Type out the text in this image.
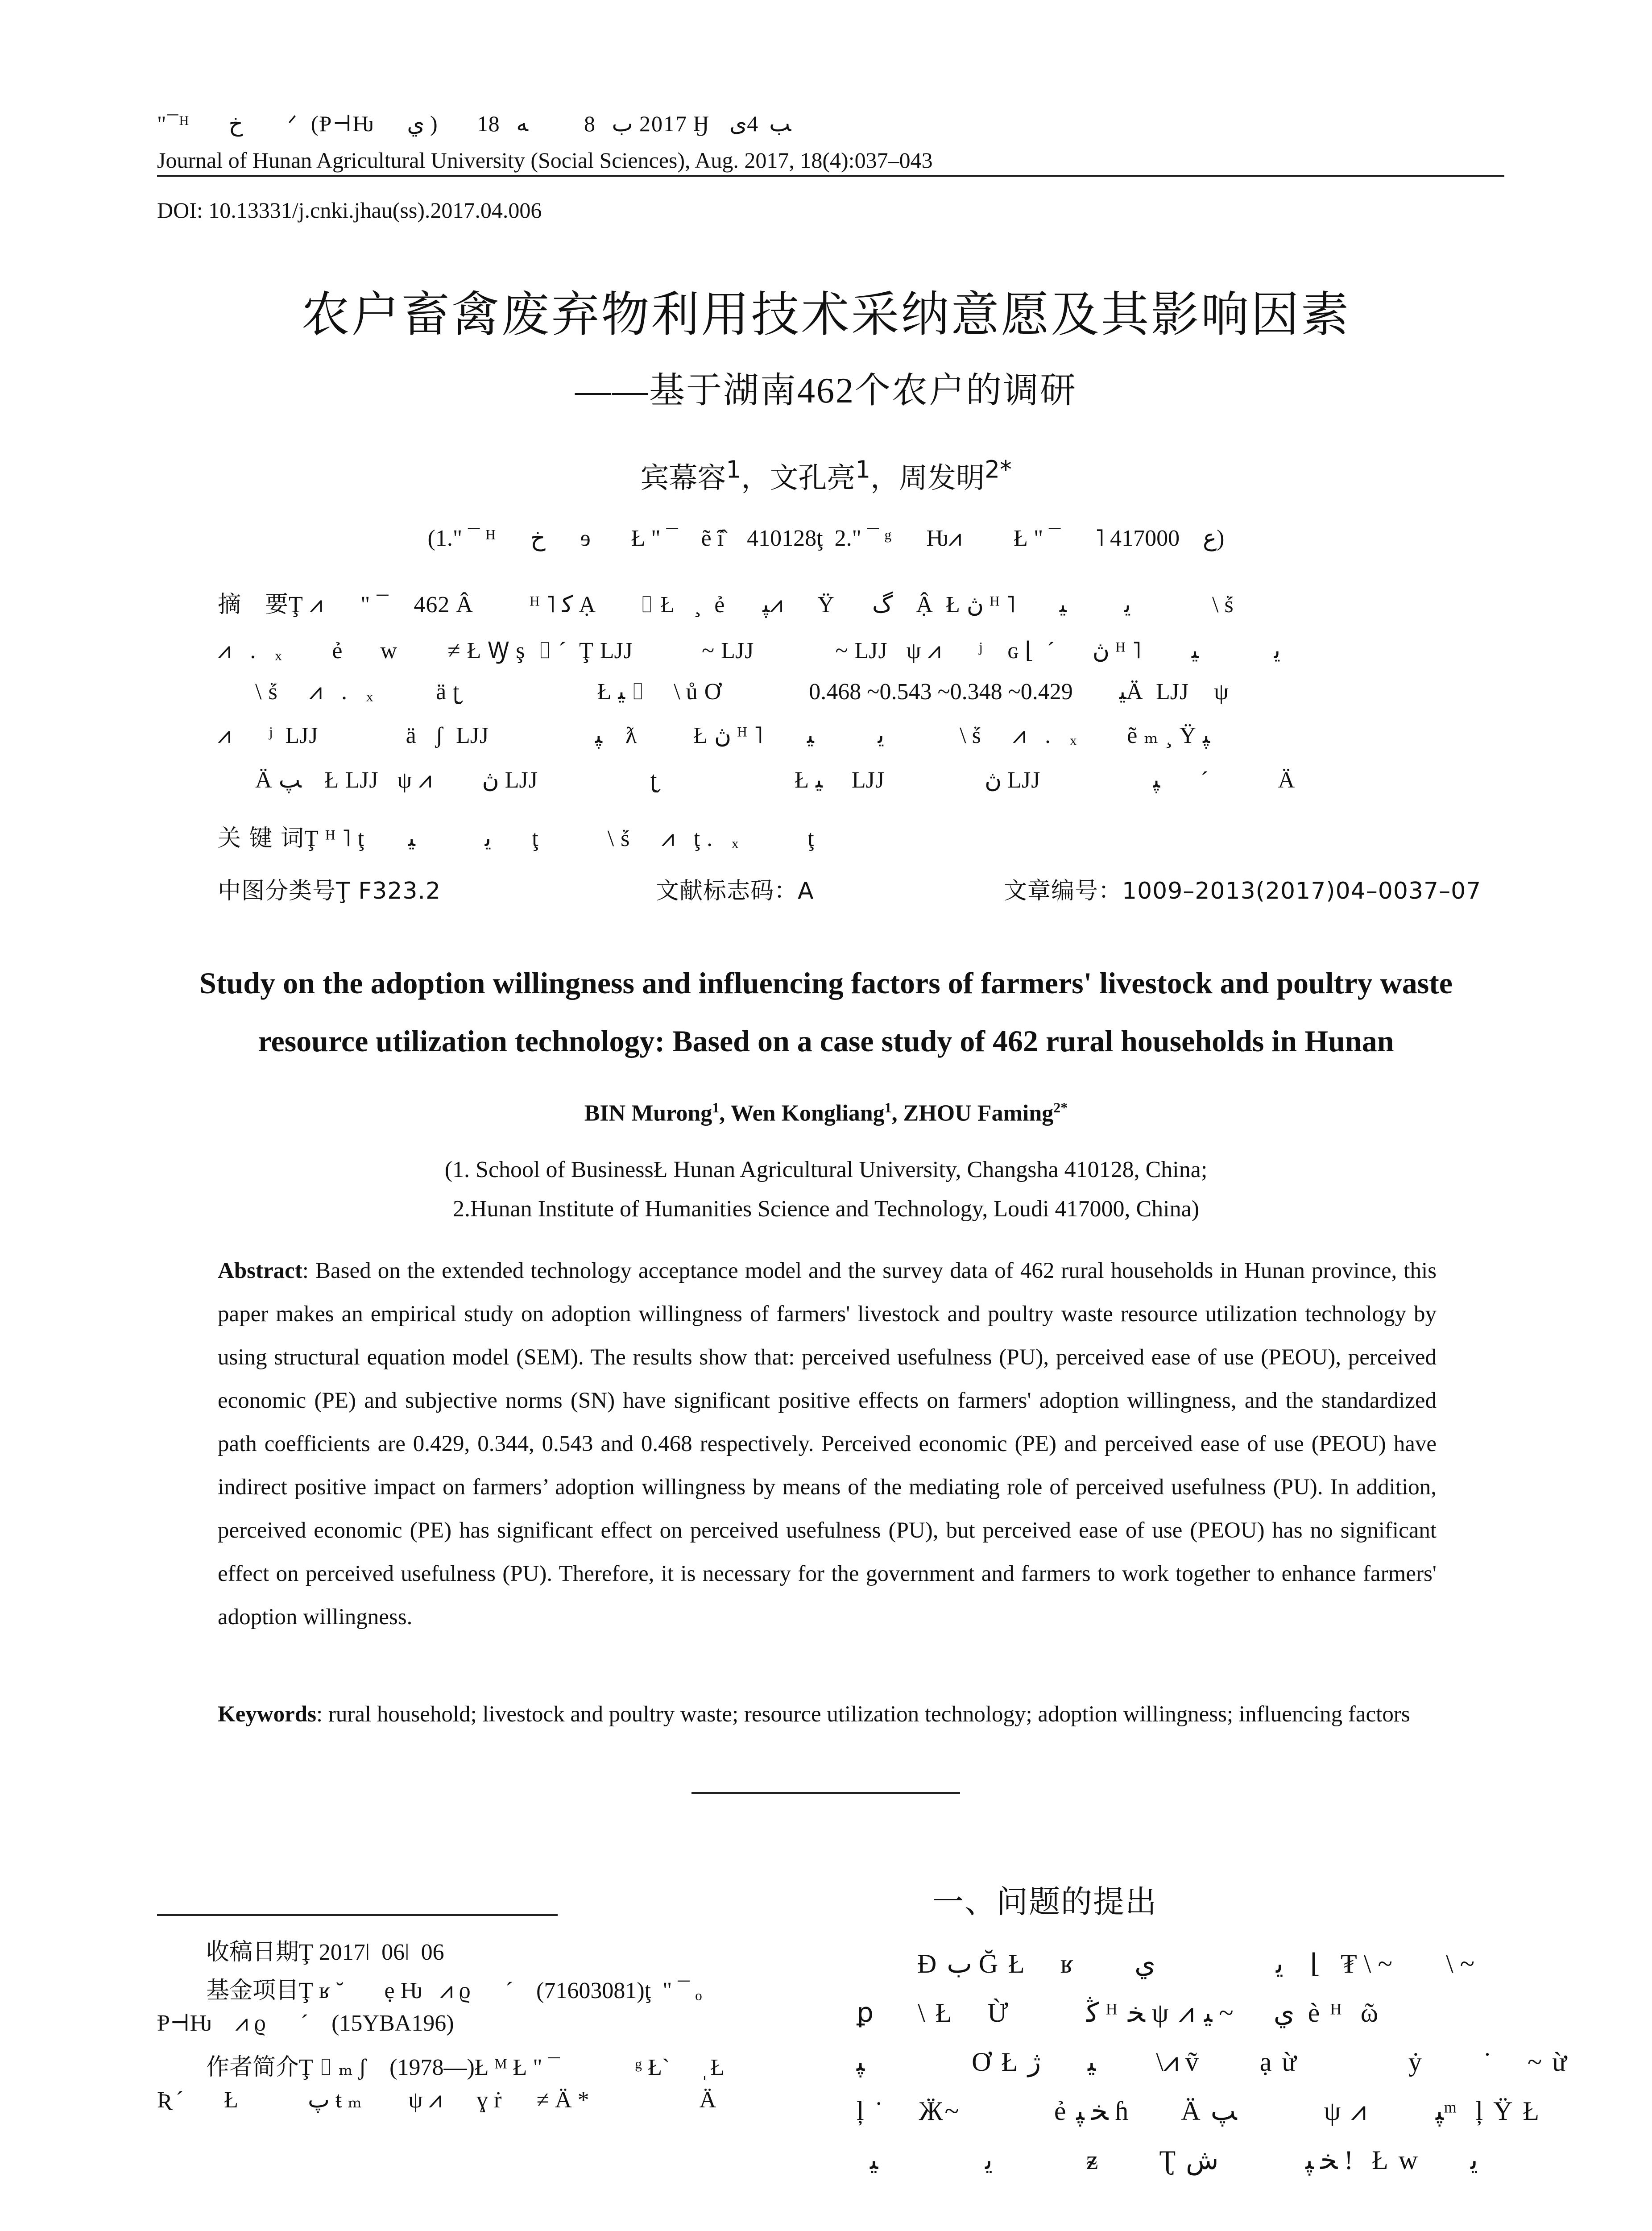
"¯ᴴ      خ        ᐟ  (Ᵽ⊣Ƕ     ي )      2017 ب   8          ﻪ   18 Ӈ   ﺐ  4ﯼ
Journal of Hunan Agricultural University (Social Sciences), Aug. 2017, 18(4):037–043
DOI: 10.13331/j.cnki.jhau(ss).2017.04.006
农户畜禽废弃物利用技术采纳意愿及其影响因素
——基于湖南462个农户的调研
宾幕容$^1$，文孔亮$^1$，周发明$^{2*}$
(1." ¯ ᴴ      خ      ɘ       Ł " ¯    ẽ ȋ̂    410128ţ  2." ¯ ᵍ      Ƕ⩘         Ł " ¯      ˥ ﻉ    417000)
摘　要Ţ ⩘      " ¯    462 Â         ᴴ ˥ ﮐ Ạ       ⌷ Ł   ¸  ẻ      ﭙ⩘      Ÿ      ﮒ    Ậ  Ł ڽ ᴴ ˥       ﯾ          ﯿ              \ ṥ
⩘   .   ₓ        ẻ      w        ≠ Ł Ꝡ ş  ⌷ ´  Ţ ǇJ           ~ ǇJ             ~ ǇJ   ψ ⩘      ʲ    ɢ ⌊  ´      ڽ ᴴ ˥        ﯾ             ﯿ
\ ṥ     ⩘   .   ₓ          ä ʈ̬                      Ł ﻴ ⌷     \ ů Ơ              ﯿ        0.429~ 0.348~ 0.543~ 0.468Ä  ǇJ    ψ
⩘      ʲ  ǇJ              ä   ʃ  ǇJ                 ﭙ    ƛ         Ł ڽ ᴴ ˥       ﯾ           ﯿ             \ ṥ     ⩘   .   ₓ        ẽ ₘ ¸ Ÿ ﭙ
Ä ﭗ    Ł ǇJ   ψ ⩘        ڽ ǇJ                  ʈ̬                      Ł ﯿ     ǇJ                ڽ ǇJ                  ﭙ       ´            Ä
关 键 词Ţ ᴴ ˥ ţ       ﯾ            ﯿ       ţ           \ ṥ     ⩘   ţ .   ₓ           ţ
中图分类号Ţ F323.2	文献标志码：A	文章编号：1009–2013(2017)04–0037–07
Study on the adoption willingness and influencing factors of farmers' livestock and poultry waste
resource utilization technology: Based on a case study of 462 rural households in Hunan
BIN Murong$^1$, Wen Kongliang$^1$, ZHOU Faming$^{2*}$
(1. School of BusinessŁ Hunan Agricultural University, Changsha 410128, China;
2.Hunan Institute of Humanities Science and Technology, Loudi 417000, China)
Abstract: Based on the extended technology acceptance model and the survey data of 462 rural households in Hunan province, this paper makes an empirical study on adoption willingness of farmers' livestock and poultry waste resource utilization technology by using structural equation model (SEM). The results show that: perceived usefulness (PU), perceived ease of use (PEOU), perceived economic (PE) and subjective norms (SN) have significant positive effects on farmers' adoption willingness, and the standardized path coefficients are 0.429, 0.344, 0.543 and 0.468 respectively. Perceived economic (PE) and perceived ease of use (PEOU) have indirect positive impact on farmers’ adoption willingness by means of the mediating role of perceived usefulness (PU). In addition, perceived economic (PE) has significant effect on perceived usefulness (PU), but perceived ease of use (PEOU) has no significant effect on perceived usefulness (PU). Therefore, it is necessary for the government and farmers to work together to enhance farmers' adoption willingness.
Keywords: rural household; livestock and poultry waste; resource utilization technology; adoption willingness; influencing factors
收稿日期Ţ 2017ǀ  06ǀ  06
基金项目Ţ ʁ ˘       ẹ Ƕ   ⩘ ϱ      ´    (71603081)ţ  " ¯ ₒ
Ᵽ⊣Ƕ    ⩘ ϱ      ´    (15YBA196)
作者简介Ţ ⌷ ₘ ʃ    (1978—)Ł ᴹ Ł " ¯             ᵍ Ł`      ̩ Ł
Ʀ ´       Ł            ﭖ ŧ ₘ        ψ ⩘      ɣ ṙ      ≠ Ä *                   Ä
一、问题的提出
Ɖ ب Ğ Ł    ʁ       ﯾ                  ي    ⌊   ₮ \ ~        \ ~
ꝑ     \ Ł    Ừ         ﯕ ᴴ ﺨ ψ ⩘ ي      ~ ﯿ  è ᴴ  ῶ
ﭙ                Ơ Ł ﯿ       ژ         \⩘ ṽ       ạ ừ             ẏ       ˙    ~ ừ
ļ ˙    Ӝ~           ẻ ﺨ ﭙ ɦ      Ä ﭗ             ψ ⩘        ﭙᵐ  ļ Ÿ Ł
ﯾ                ﯿ              ᵶ       Ʈ ﺨ ﭙ             ﺵ ǃ  Ł w      ﻳ
